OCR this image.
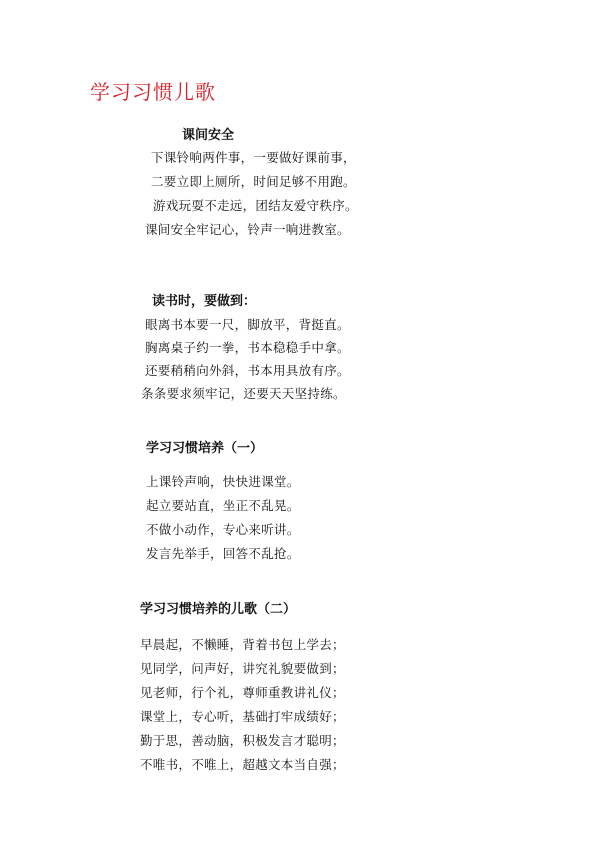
学习习惯儿歌
课间安全
下课铃响两件事，一要做好课前事，
二要立即上厕所，时间足够不用跑。
游戏玩耍不走远，团结友爱守秩序。
课间安全牢记心，铃声一响进教室。
读书时，要做到：
眼离书本要一尺，脚放平，背挺直。
胸离桌子约一拳，书本稳稳手中拿。
还要稍稍向外斜，书本用具放有序。
条条要求须牢记，还要天天坚持练。
学习习惯培养（一）
上课铃声响，快快进课堂。
起立要站直，坐正不乱晃。
不做小动作，专心来听讲。
发言先举手，回答不乱抢。
学习习惯培养的儿歌（二）
早晨起，不懒睡，背着书包上学去；
见同学，问声好，讲究礼貌要做到；
见老师，行个礼，尊师重教讲礼仪；
课堂上，专心听，基础打牢成绩好；
勤于思，善动脑，积极发言才聪明；
不唯书，不唯上，超越文本当自强；
